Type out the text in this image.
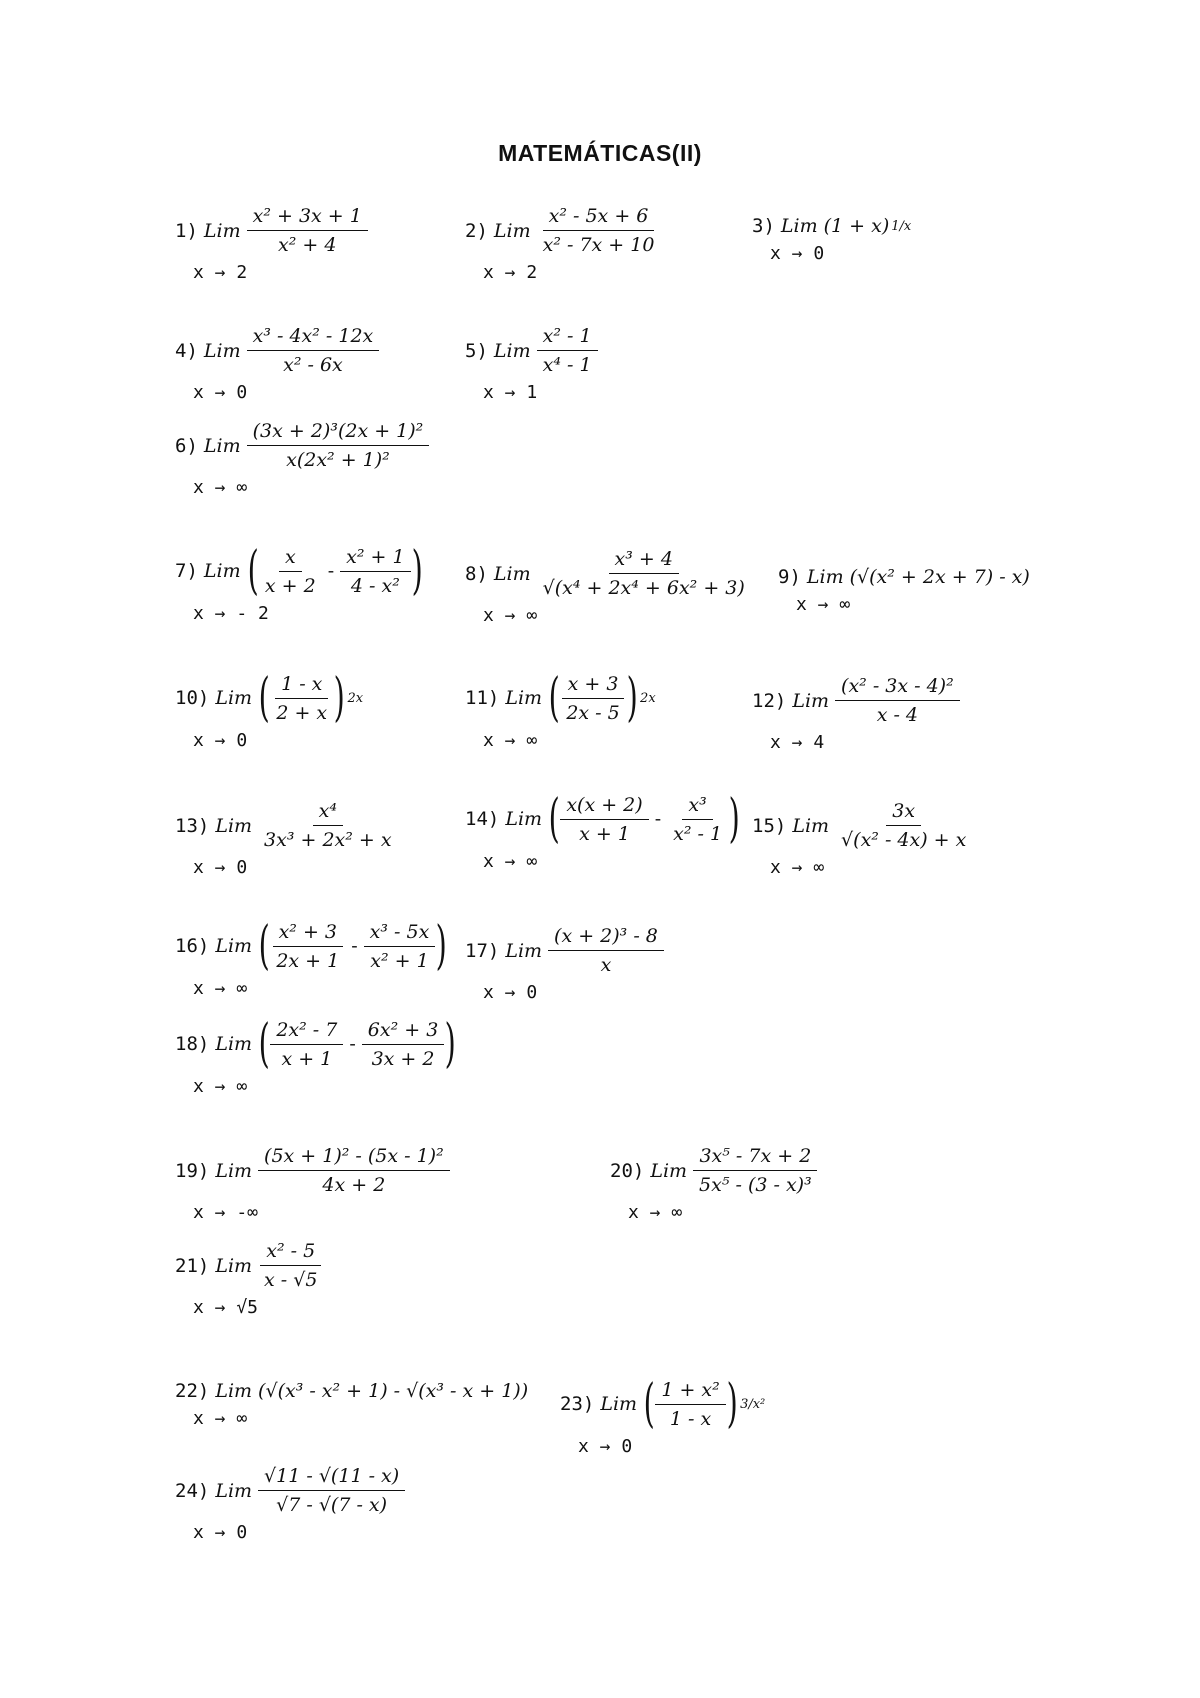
MATEMÁTICAS(II)
1) Lim $\frac{\text{x² + 3x + 1}}{\text{x² + 4}}$
x → 2
2) Lim $\frac{\text{x² - 5x + 6}}{\text{x² - 7x + 10}}$
x → 2
3) Lim (1 + x) 1/x
x → 0
4) Lim $\frac{\text{x³ - 4x² - 12x}}{\text{x² - 6x}}$
x → 0
5) Lim $\frac{\text{x² - 1}}{\text{x⁴ - 1}}$
x → 1
6) Lim $\frac{\text{(3x + 2)³(2x + 1)²}}{\text{x(2x² + 1)²}}$
x → ∞
7) Lim ( $\frac{x}{x + 2} - \frac{\text{x² + 1}}{\text{4 - x²}}$ )
x → - 2
8) Lim $\frac{\text{x³ + 4}}{\text{√(x⁴ + 2x⁴ + 6x² + 3)}}$
x → ∞
9) Lim (√(x² + 2x + 7) - x)
x → ∞
10) Lim ( $\frac{1 - x}{2 + x}$ ) 2x
x → 0
11) Lim ( $\frac{x + 3}{2x - 5}$ ) 2x
x → ∞
12) Lim $\frac{\text{(x² - 3x - 4)²}}{x - 4}$
x → 4
13) Lim $\frac{\text{x⁴}}{\text{3x³ + 2x² + x}}$
x → 0
14) Lim ( $\frac{x(x + 2)}{x + 1} - \frac{\text{x³}}{\text{x² - 1}}$ )
x → ∞
15) Lim $\frac{3x}{\text{√(x² - 4x) + x}}$
x → ∞
16) Lim ( $\frac{\text{x² + 3}}{2x + 1} - \frac{\text{x³ - 5x}}{\text{x² + 1}}$ )
x → ∞
17) Lim $\frac{\text{(x + 2)³ - 8}}{x}$
x → 0
18) Lim ( $\frac{\text{2x² - 7}}{x + 1} - \frac{\text{6x² + 3}}{3x + 2}$ )
x → ∞
19) Lim $\frac{\text{(5x + 1)² - (5x - 1)²}}{4x + 2}$
x → -∞
20) Lim $\frac{\text{3x⁵ - 7x + 2}}{\text{5x⁵ - (3 - x)³}}$
x → ∞
21) Lim $\frac{\text{x² - 5}}{x - √5}$
x → √5
22) Lim (√(x³ - x² + 1) - √(x³ - x + 1))
x → ∞
23) Lim ( $\frac{\text{1 + x²}}{1 - x}$ ) 3/x²
x → 0
24) Lim $\frac{√11 - √(11 - x)}{√7 - √(7 - x)}$
x → 0
